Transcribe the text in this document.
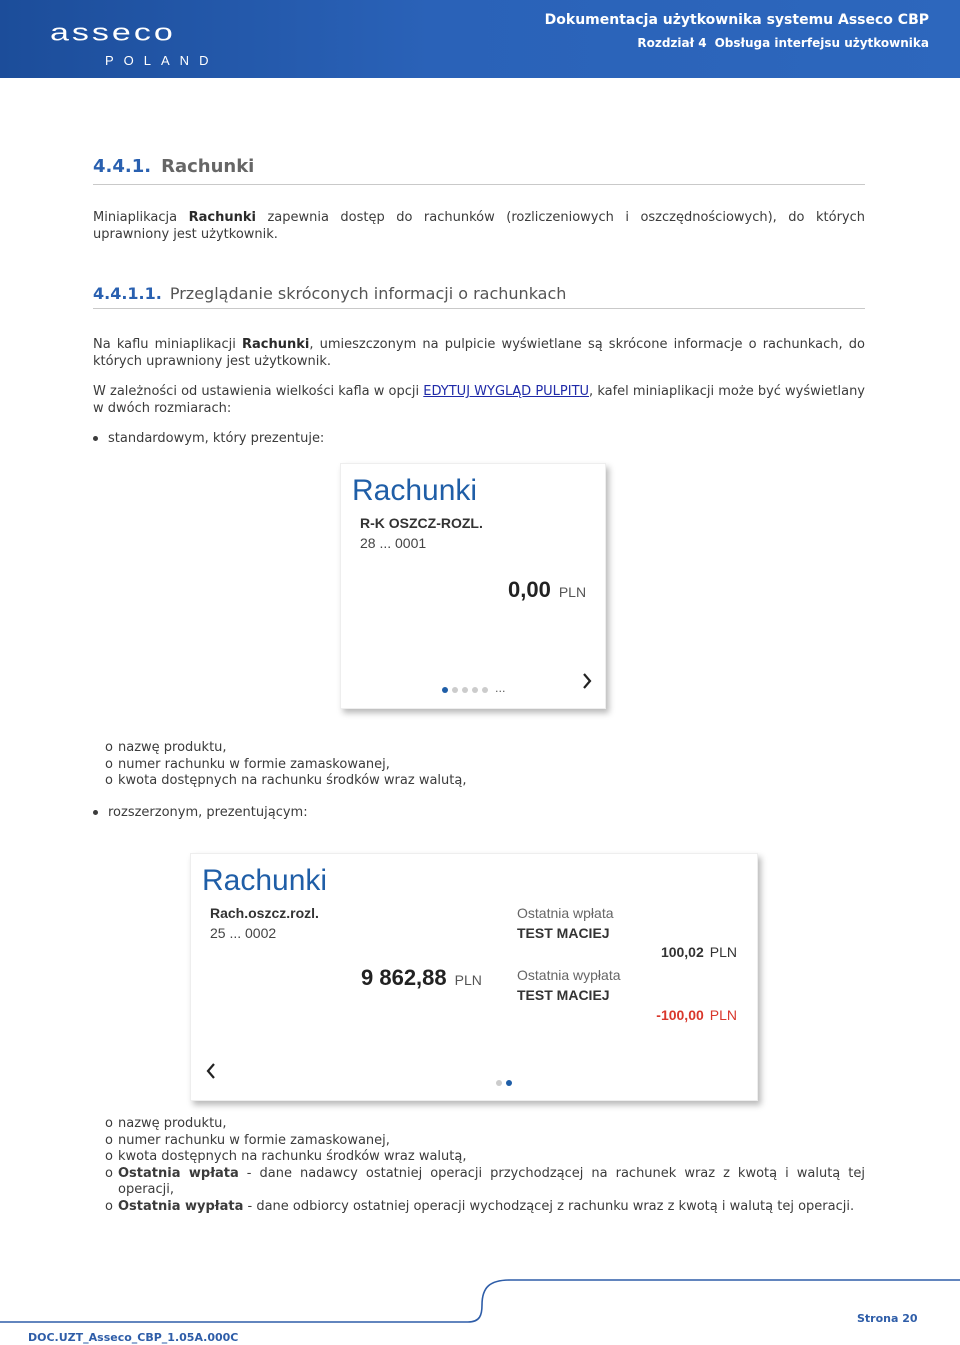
asseco
POLAND
Dokumentacja użytkownika systemu Asseco CBP
Rozdział 4 Obsługa interfejsu użytkownika
4.4.1. Rachunki
Miniaplikacja Rachunki zapewnia dostęp do rachunków (rozliczeniowych i oszczędnościowych), do których uprawniony jest użytkownik.
4.4.1.1. Przeglądanie skróconych informacji o rachunkach
Na kaflu miniaplikacji Rachunki, umieszczonym na pulpicie wyświetlane są skrócone informacje o rachunkach, do których uprawniony jest użytkownik.
W zależności od ustawienia wielkości kafla w opcji EDYTUJ WYGLĄD PULPITU, kafel miniaplikacji może być wyświetlany w dwóch rozmiarach:
standardowym, który prezentuje:
Rachunki
R-K OSZCZ-ROZL.
28 ... 0001
0,00 PLN
...
o nazwę produktu,
o numer rachunku w formie zamaskowanej,
o kwota dostępnych na rachunku środków wraz walutą,
rozszerzonym, prezentującym:
Rachunki
Rach.oszcz.rozl.
25 ... 0002
9 862,88 PLN
Ostatnia wpłata
TEST MACIEJ
100,02 PLN
Ostatnia wypłata
TEST MACIEJ
-100,00 PLN
o nazwę produktu,
o numer rachunku w formie zamaskowanej,
o kwota dostępnych na rachunku środków wraz walutą,
o Ostatnia wpłata - dane nadawcy ostatniej operacji przychodzącej na rachunek wraz z kwotą i walutą tej operacji,
o Ostatnia wypłata - dane odbiorcy ostatniej operacji wychodzącej z rachunku wraz z kwotą i walutą tej operacji.
Strona 20
DOC.UZT_Asseco_CBP_1.05A.000C
